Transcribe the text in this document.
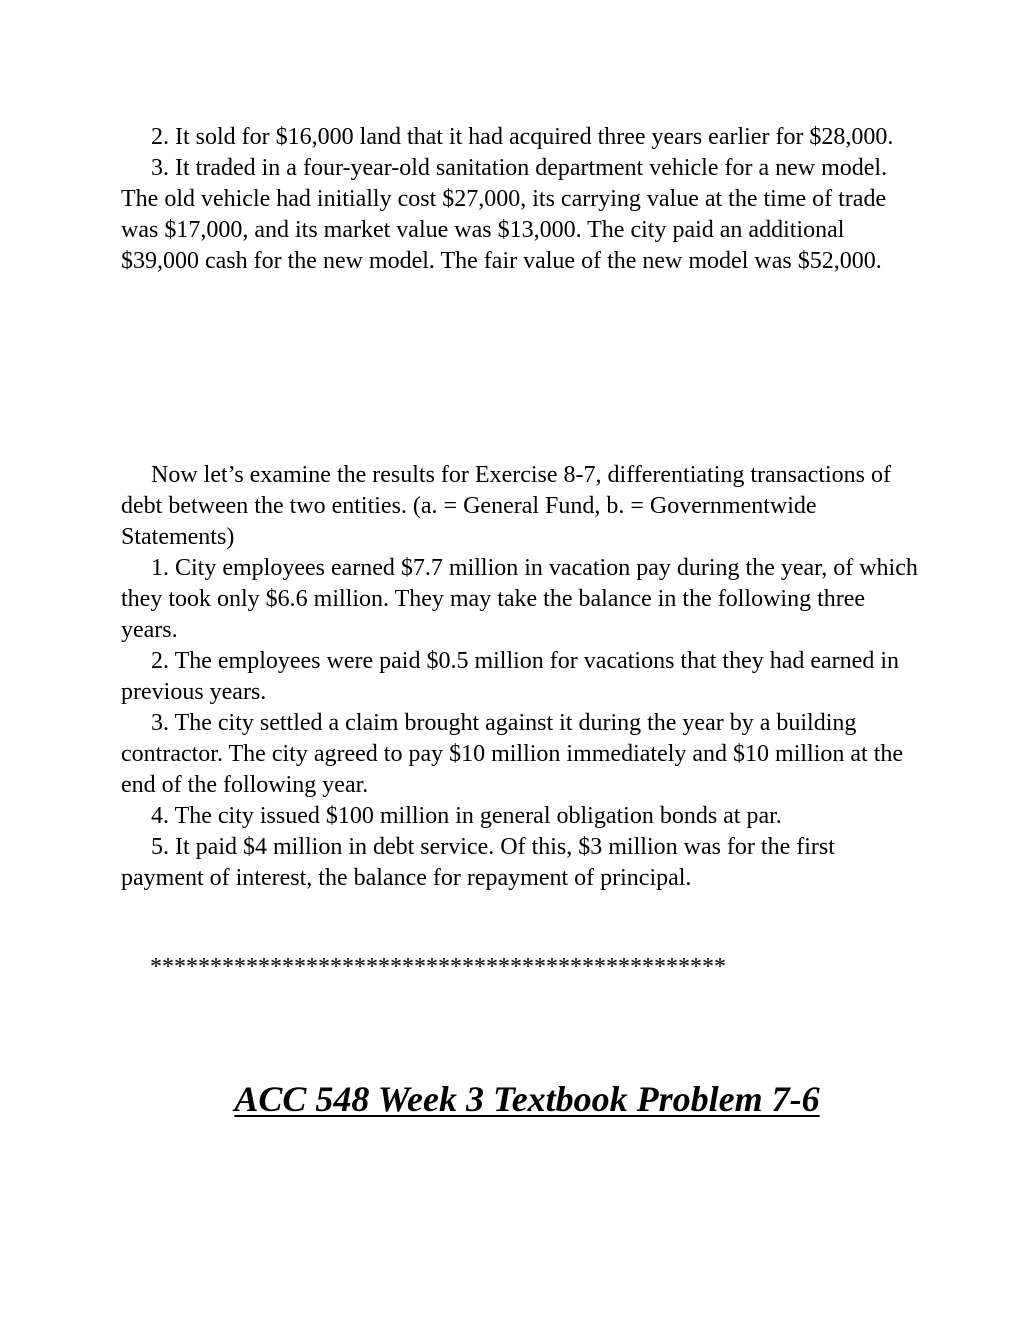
2. It sold for $16,000 land that it had acquired three years earlier for $28,000.

3. It traded in a four-year-old sanitation department vehicle for a new model. The old vehicle had initially cost $27,000, its carrying value at the time of trade was $17,000, and its market value was $13,000. The city paid an additional $39,000 cash for the new model. The fair value of the new model was $52,000.

Now let’s examine the results for Exercise 8-7, differentiating transactions of debt between the two entities. (a. = General Fund, b. = Governmentwide Statements)

1. City employees earned $7.7 million in vacation pay during the year, of which they took only $6.6 million. They may take the balance in the following three years.

2. The employees were paid $0.5 million for vacations that they had earned in previous years.

3. The city settled a claim brought against it during the year by a building contractor. The city agreed to pay $10 million immediately and $10 million at the end of the following year.

4. The city issued $100 million in general obligation bonds at par.

5. It paid $4 million in debt service. Of this, $3 million was for the first payment of interest, the balance for repayment of principal.

************************************************
ACC 548 Week 3 Textbook Problem 7-6
